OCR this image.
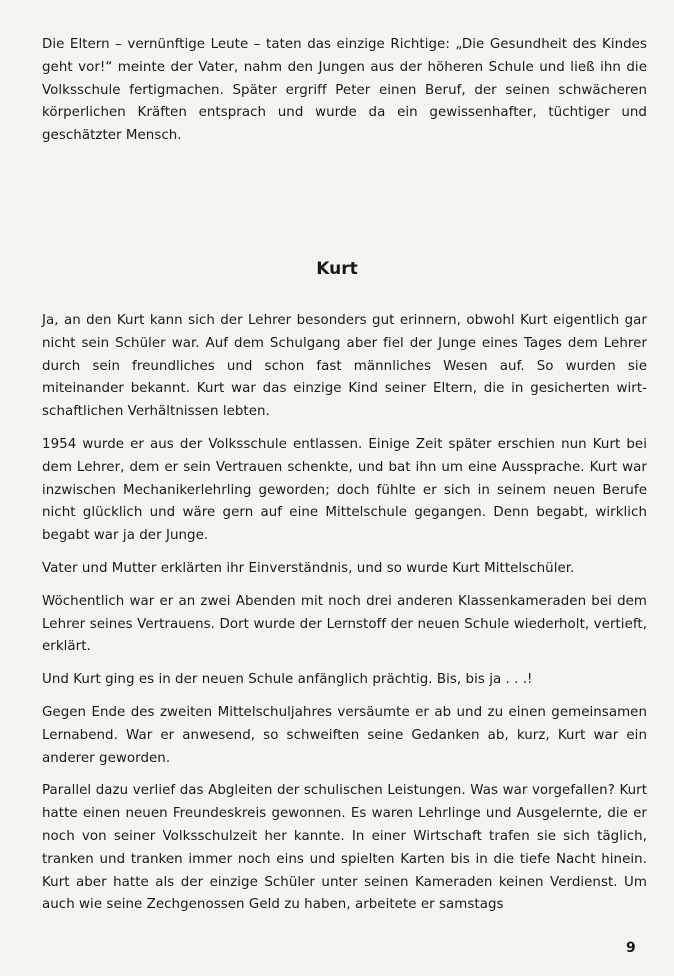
Die Eltern – vernünftige Leute – taten das einzige Richtige: „Die Gesundheit des Kindes geht vor!“ meinte der Vater, nahm den Jungen aus der höheren Schule und ließ ihn die Volksschule fertigmachen. Später ergriff Peter einen Beruf, der seinen schwächeren körperlichen Kräften entsprach und wurde da ein gewissenhafter, tüchtiger und geschätzter Mensch.

Kurt

Ja, an den Kurt kann sich der Lehrer besonders gut erinnern, obwohl Kurt eigentlich gar nicht sein Schüler war. Auf dem Schulgang aber fiel der Junge eines Tages dem Lehrer durch sein freundliches und schon fast männliches Wesen auf. So wurden sie miteinander bekannt. Kurt war das einzige Kind seiner Eltern, die in gesicherten wirtschaftlichen Verhältnissen lebten.

1954 wurde er aus der Volksschule entlassen. Einige Zeit später erschien nun Kurt bei dem Lehrer, dem er sein Vertrauen schenkte, und bat ihn um eine Aussprache. Kurt war inzwischen Mechanikerlehrling geworden; doch fühlte er sich in seinem neuen Berufe nicht glücklich und wäre gern auf eine Mittelschule gegangen. Denn begabt, wirklich begabt war ja der Junge.

Vater und Mutter erklärten ihr Einverständnis, und so wurde Kurt Mittelschüler.

Wöchentlich war er an zwei Abenden mit noch drei anderen Klassenkameraden bei dem Lehrer seines Vertrauens. Dort wurde der Lernstoff der neuen Schule wiederholt, vertieft, erklärt.

Und Kurt ging es in der neuen Schule anfänglich prächtig. Bis, bis ja . . .!

Gegen Ende des zweiten Mittelschuljahres versäumte er ab und zu einen gemeinsamen Lernabend. War er anwesend, so schweiften seine Gedanken ab, kurz, Kurt war ein anderer geworden.

Parallel dazu verlief das Abgleiten der schulischen Leistungen. Was war vorgefallen? Kurt hatte einen neuen Freundeskreis gewonnen. Es waren Lehrlinge und Ausgelernte, die er noch von seiner Volksschulzeit her kannte. In einer Wirtschaft trafen sie sich täglich, tranken und tranken immer noch eins und spielten Karten bis in die tiefe Nacht hinein. Kurt aber hatte als der einzige Schüler unter seinen Kameraden keinen Verdienst. Um auch wie seine Zechgenossen Geld zu haben, arbeitete er samstags

9
